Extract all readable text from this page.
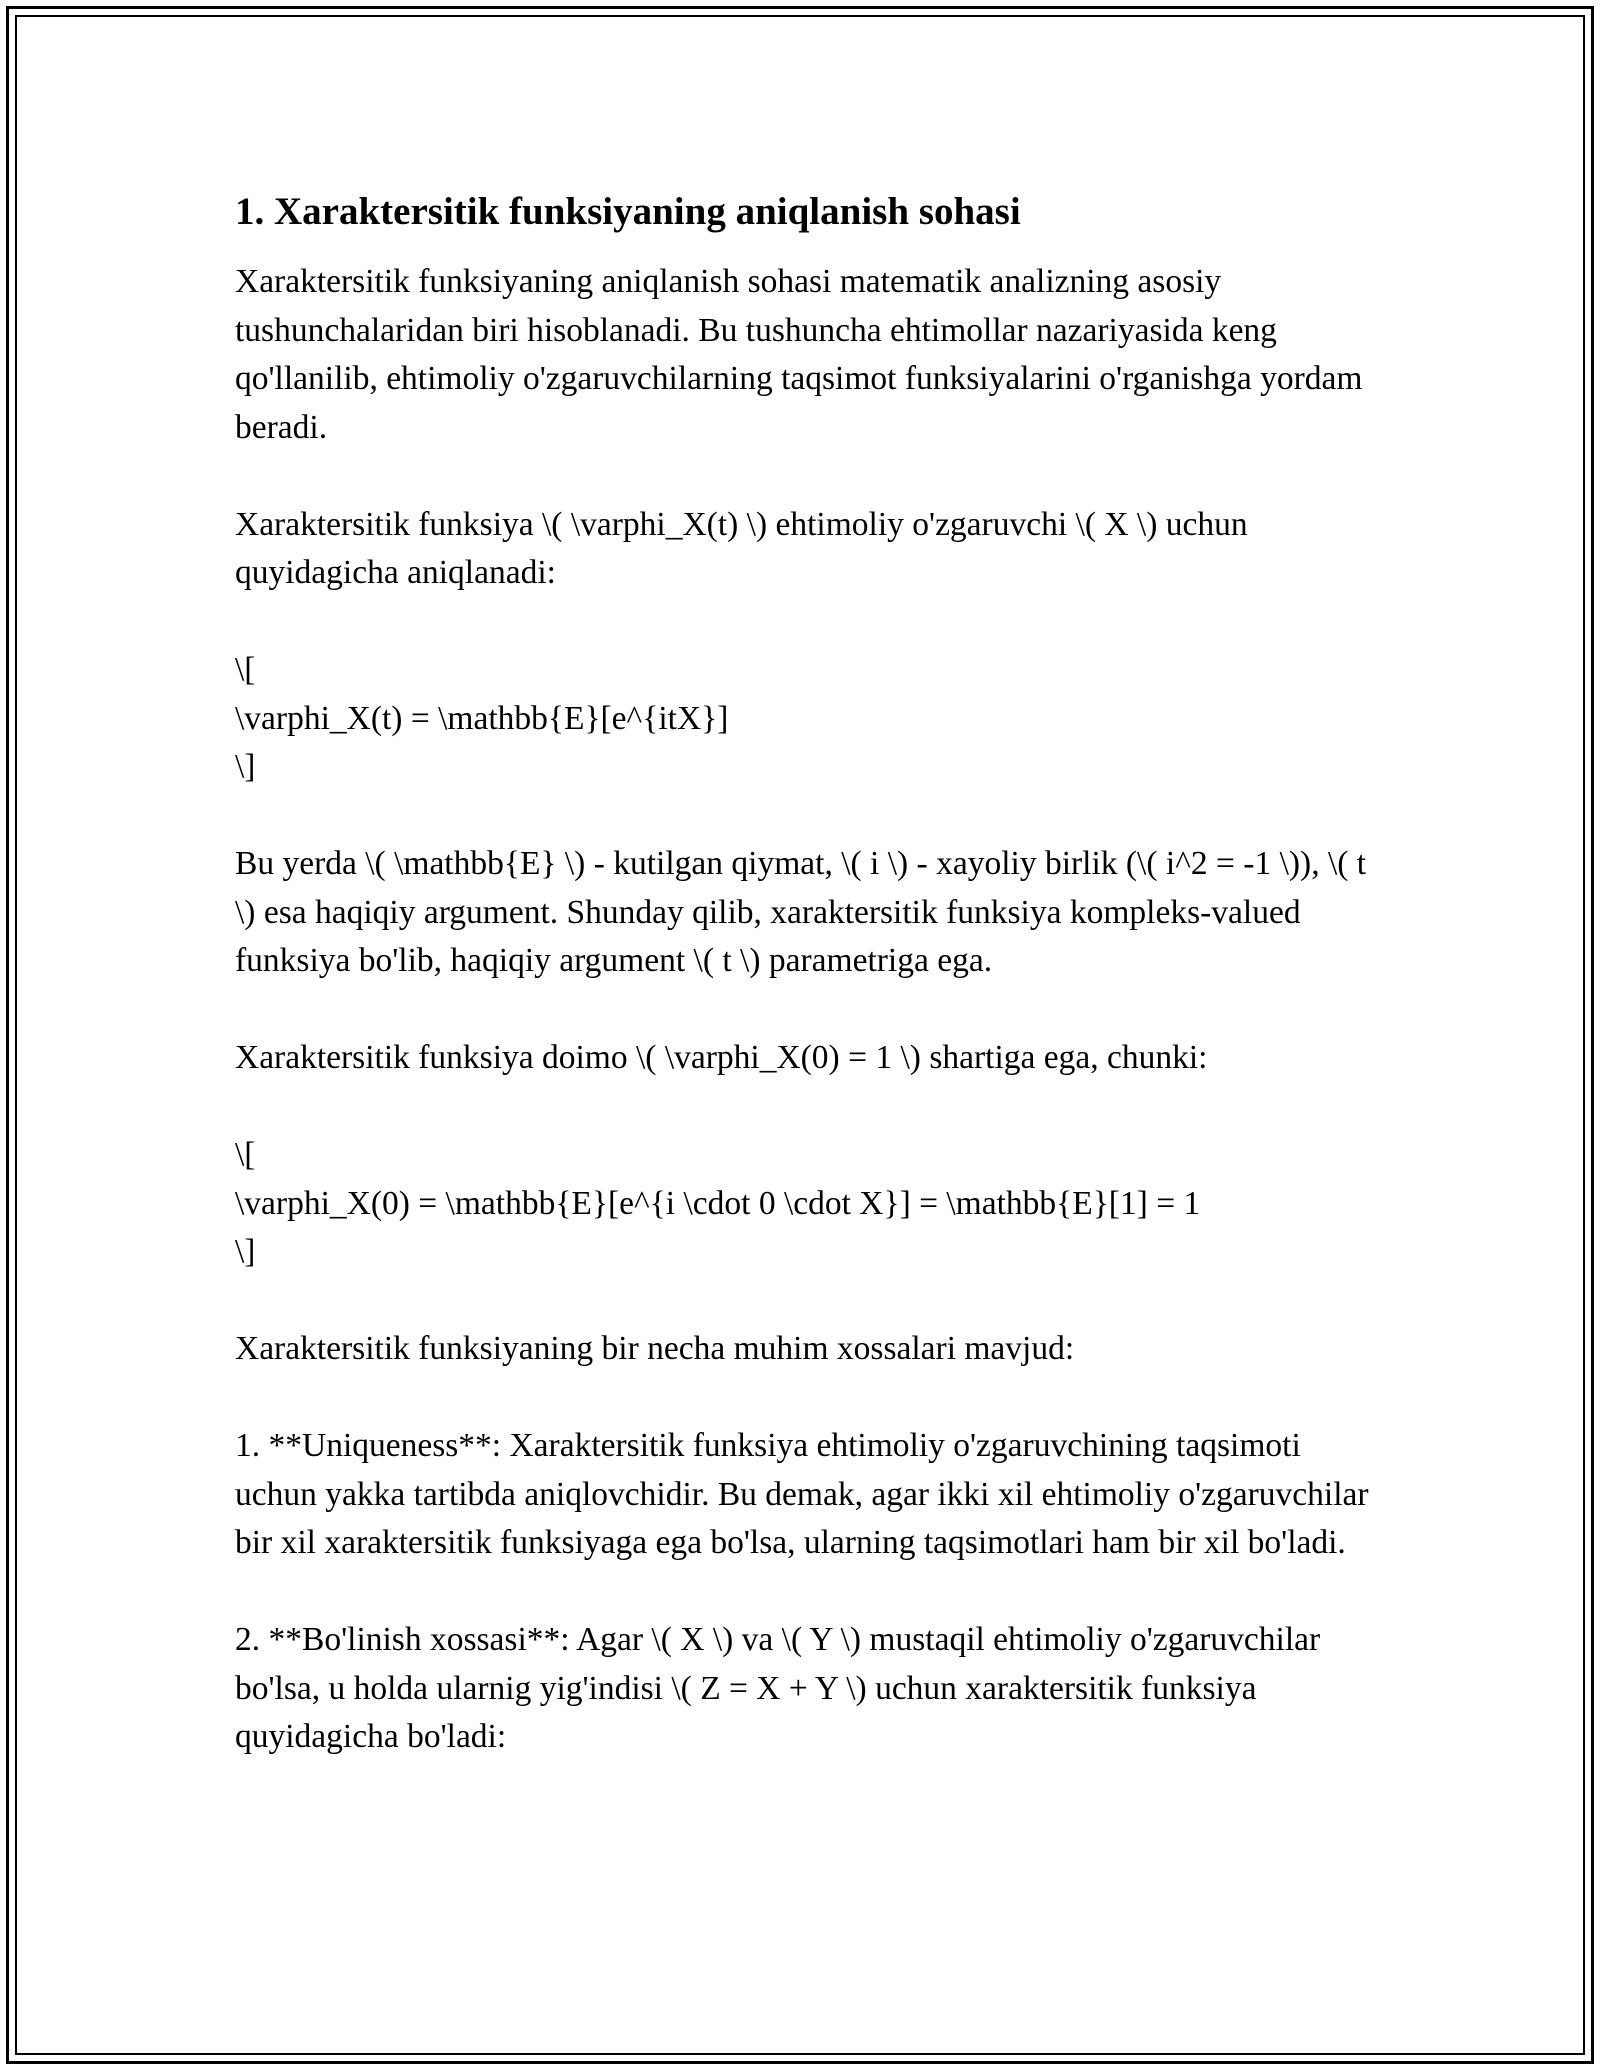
1. Xaraktersitik funksiyaning aniqlanish sohasi

Xaraktersitik funksiyaning aniqlanish sohasi matematik analizning asosiy tushunchalaridan biri hisoblanadi. Bu tushuncha ehtimollar nazariyasida keng qo'llanilib, ehtimoliy o'zgaruvchilarning taqsimot funksiyalarini o'rganishga yordam beradi.

Xaraktersitik funksiya \( \varphi_X(t) \) ehtimoliy o'zgaruvchi \( X \) uchun quyidagicha aniqlanadi:

\[
\varphi_X(t) = \mathbb{E}[e^{itX}]
\]

Bu yerda \( \mathbb{E} \) - kutilgan qiymat, \( i \) - xayoliy birlik (\( i^2 = -1 \)), \( t \) esa haqiqiy argument. Shunday qilib, xaraktersitik funksiya kompleks-valued funksiya bo'lib, haqiqiy argument \( t \) parametriga ega.

Xaraktersitik funksiya doimo \( \varphi_X(0) = 1 \) shartiga ega, chunki:

\[
\varphi_X(0) = \mathbb{E}[e^{i \cdot 0 \cdot X}] = \mathbb{E}[1] = 1
\]

Xaraktersitik funksiyaning bir necha muhim xossalari mavjud:

1. **Uniqueness**: Xaraktersitik funksiya ehtimoliy o'zgaruvchining taqsimoti uchun yakka tartibda aniqlovchidir. Bu demak, agar ikki xil ehtimoliy o'zgaruvchilar bir xil xaraktersitik funksiyaga ega bo'lsa, ularning taqsimotlari ham bir xil bo'ladi.

2. **Bo'linish xossasi**: Agar \( X \) va \( Y \) mustaqil ehtimoliy o'zgaruvchilar bo'lsa, u holda ularnig yig'indisi \( Z = X + Y \) uchun xaraktersitik funksiya quyidagicha bo'ladi:
